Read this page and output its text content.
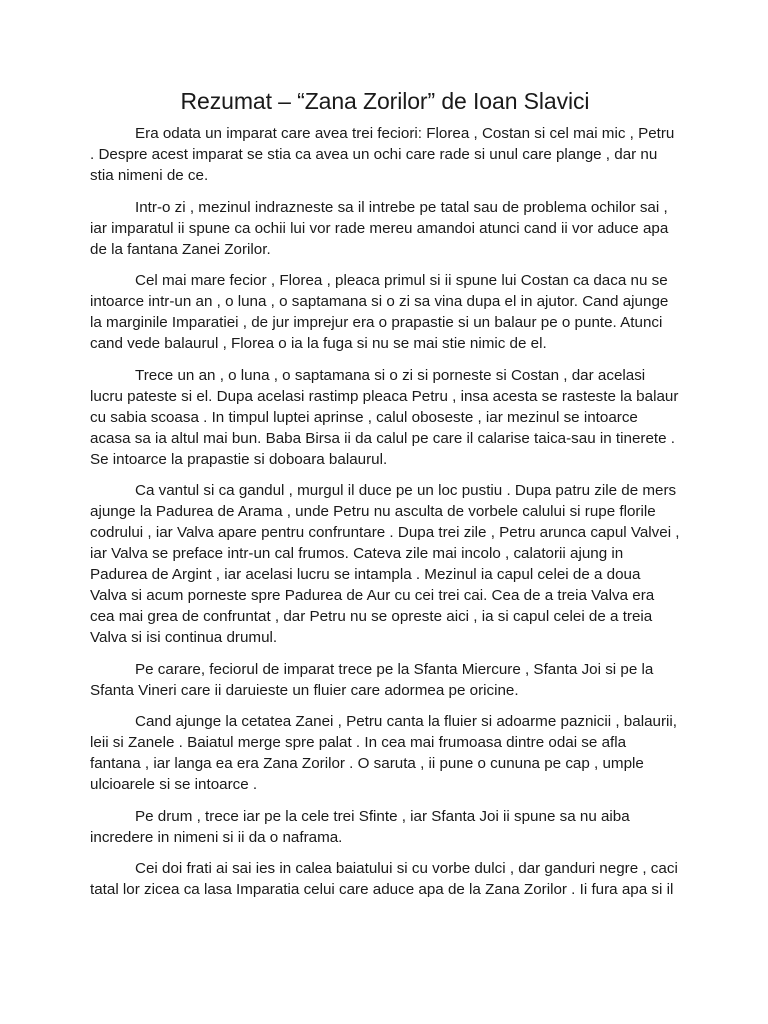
Rezumat – “Zana Zorilor” de Ioan Slavici

Era odata un imparat care avea trei feciori: Florea , Costan si cel mai mic , Petru . Despre acest imparat se stia ca avea un ochi care rade si unul care plange , dar nu stia nimeni de ce.

Intr-o zi , mezinul indrazneste sa il intrebe pe tatal sau de problema ochilor sai , iar imparatul ii spune ca ochii lui vor rade mereu amandoi atunci cand ii vor aduce apa de la fantana Zanei Zorilor.

Cel mai mare fecior , Florea , pleaca primul si ii spune lui Costan ca daca nu se intoarce intr-un an , o luna , o saptamana si o zi sa vina dupa el in ajutor. Cand ajunge la marginile Imparatiei , de jur imprejur era o prapastie si un balaur pe o punte. Atunci cand vede balaurul , Florea o ia la fuga si nu se mai stie nimic de el.

Trece un an , o luna , o saptamana si o zi si porneste si Costan , dar acelasi lucru pateste si el. Dupa acelasi rastimp pleaca Petru , insa acesta se rasteste la balaur cu sabia scoasa . In timpul luptei aprinse , calul oboseste , iar mezinul se intoarce acasa sa ia altul mai bun. Baba Birsa ii da calul pe care il calarise taica-sau in tinerete . Se intoarce la prapastie si doboara balaurul.

Ca vantul si ca gandul , murgul il duce pe un loc pustiu . Dupa patru zile de mers ajunge la Padurea de Arama , unde Petru nu asculta de vorbele calului si rupe florile codrului , iar Valva apare pentru confruntare . Dupa trei zile , Petru arunca capul Valvei , iar Valva se preface intr-un cal frumos. Cateva zile mai incolo , calatorii ajung in Padurea de Argint , iar acelasi lucru se intampla . Mezinul ia capul celei de a doua Valva si acum porneste spre Padurea de Aur cu cei trei cai. Cea de a treia Valva era cea mai grea de confruntat , dar Petru nu se opreste aici , ia si capul celei de a treia Valva si isi continua drumul.

Pe carare, feciorul de imparat trece pe la Sfanta Miercure , Sfanta Joi si pe la Sfanta Vineri care ii daruieste un fluier care adormea pe oricine.

Cand ajunge la cetatea Zanei , Petru canta la fluier si adoarme paznicii , balaurii, leii si Zanele . Baiatul merge spre palat . In cea mai frumoasa dintre odai se afla fantana , iar langa ea era Zana Zorilor . O saruta , ii pune o cununa pe cap , umple ulcioarele si se intoarce .

Pe drum , trece iar pe la cele trei Sfinte , iar Sfanta Joi ii spune sa nu aiba incredere in nimeni si ii da o naframa.

Cei doi frati ai sai ies in calea baiatului si cu vorbe dulci , dar ganduri negre , caci tatal lor zicea ca lasa Imparatia celui care aduce apa de la Zana Zorilor . Ii fura apa si il
